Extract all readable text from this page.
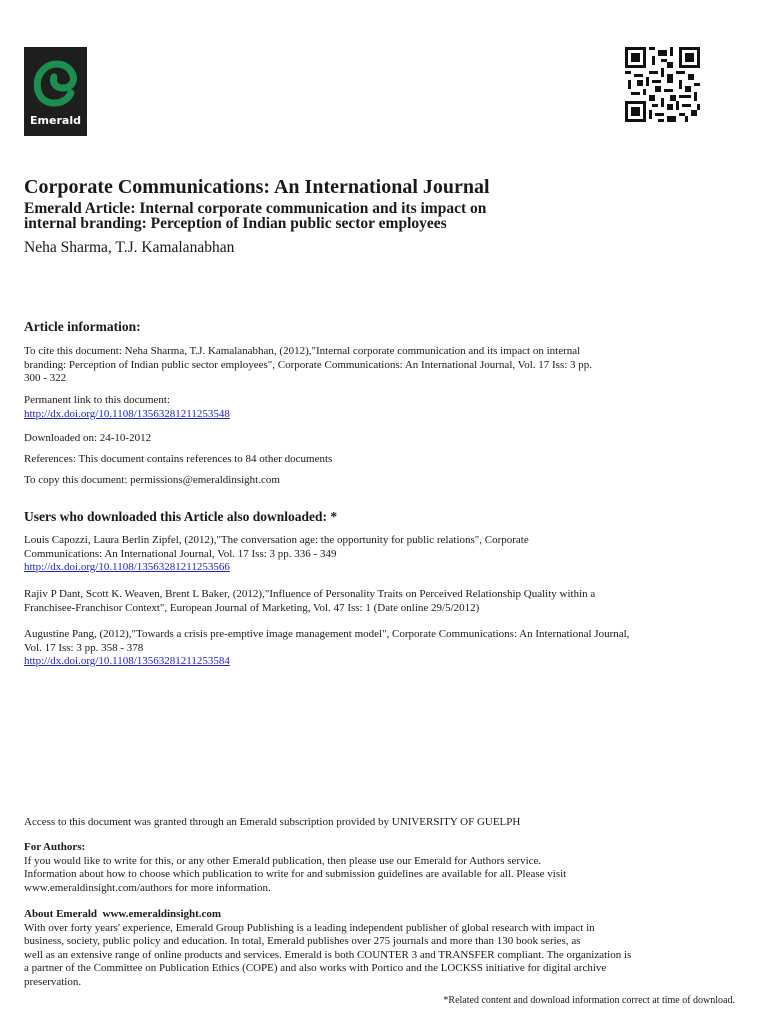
Emerald
Corporate Communications: An International Journal
Emerald Article: Internal corporate communication and its impact on
internal branding: Perception of Indian public sector employees
Neha Sharma, T.J. Kamalanabhan
Article information:
To cite this document: Neha Sharma, T.J. Kamalanabhan, (2012),"Internal corporate communication and its impact on internal
branding: Perception of Indian public sector employees", Corporate Communications: An International Journal, Vol. 17 Iss: 3 pp.
300 - 322
Permanent link to this document:
http://dx.doi.org/10.1108/13563281211253548
Downloaded on: 24-10-2012
References: This document contains references to 84 other documents
To copy this document: permissions@emeraldinsight.com
Users who downloaded this Article also downloaded: *
Louis Capozzi, Laura Berlin Zipfel, (2012),"The conversation age: the opportunity for public relations", Corporate
Communications: An International Journal, Vol. 17 Iss: 3 pp. 336 - 349
http://dx.doi.org/10.1108/13563281211253566
Rajiv P Dant, Scott K. Weaven, Brent L Baker, (2012),"Influence of Personality Traits on Perceived Relationship Quality within a
Franchisee-Franchisor Context", European Journal of Marketing, Vol. 47 Iss: 1 (Date online 29/5/2012)
Augustine Pang, (2012),"Towards a crisis pre-emptive image management model", Corporate Communications: An International Journal,
Vol. 17 Iss: 3 pp. 358 - 378
http://dx.doi.org/10.1108/13563281211253584
Access to this document was granted through an Emerald subscription provided by UNIVERSITY OF GUELPH
For Authors:
If you would like to write for this, or any other Emerald publication, then please use our Emerald for Authors service.
Information about how to choose which publication to write for and submission guidelines are available for all. Please visit
www.emeraldinsight.com/authors for more information.
About Emerald  www.emeraldinsight.com
With over forty years' experience, Emerald Group Publishing is a leading independent publisher of global research with impact in
business, society, public policy and education. In total, Emerald publishes over 275 journals and more than 130 book series, as
well as an extensive range of online products and services. Emerald is both COUNTER 3 and TRANSFER compliant. The organization is
a partner of the Committee on Publication Ethics (COPE) and also works with Portico and the LOCKSS initiative for digital archive
preservation.
*Related content and download information correct at time of download.
